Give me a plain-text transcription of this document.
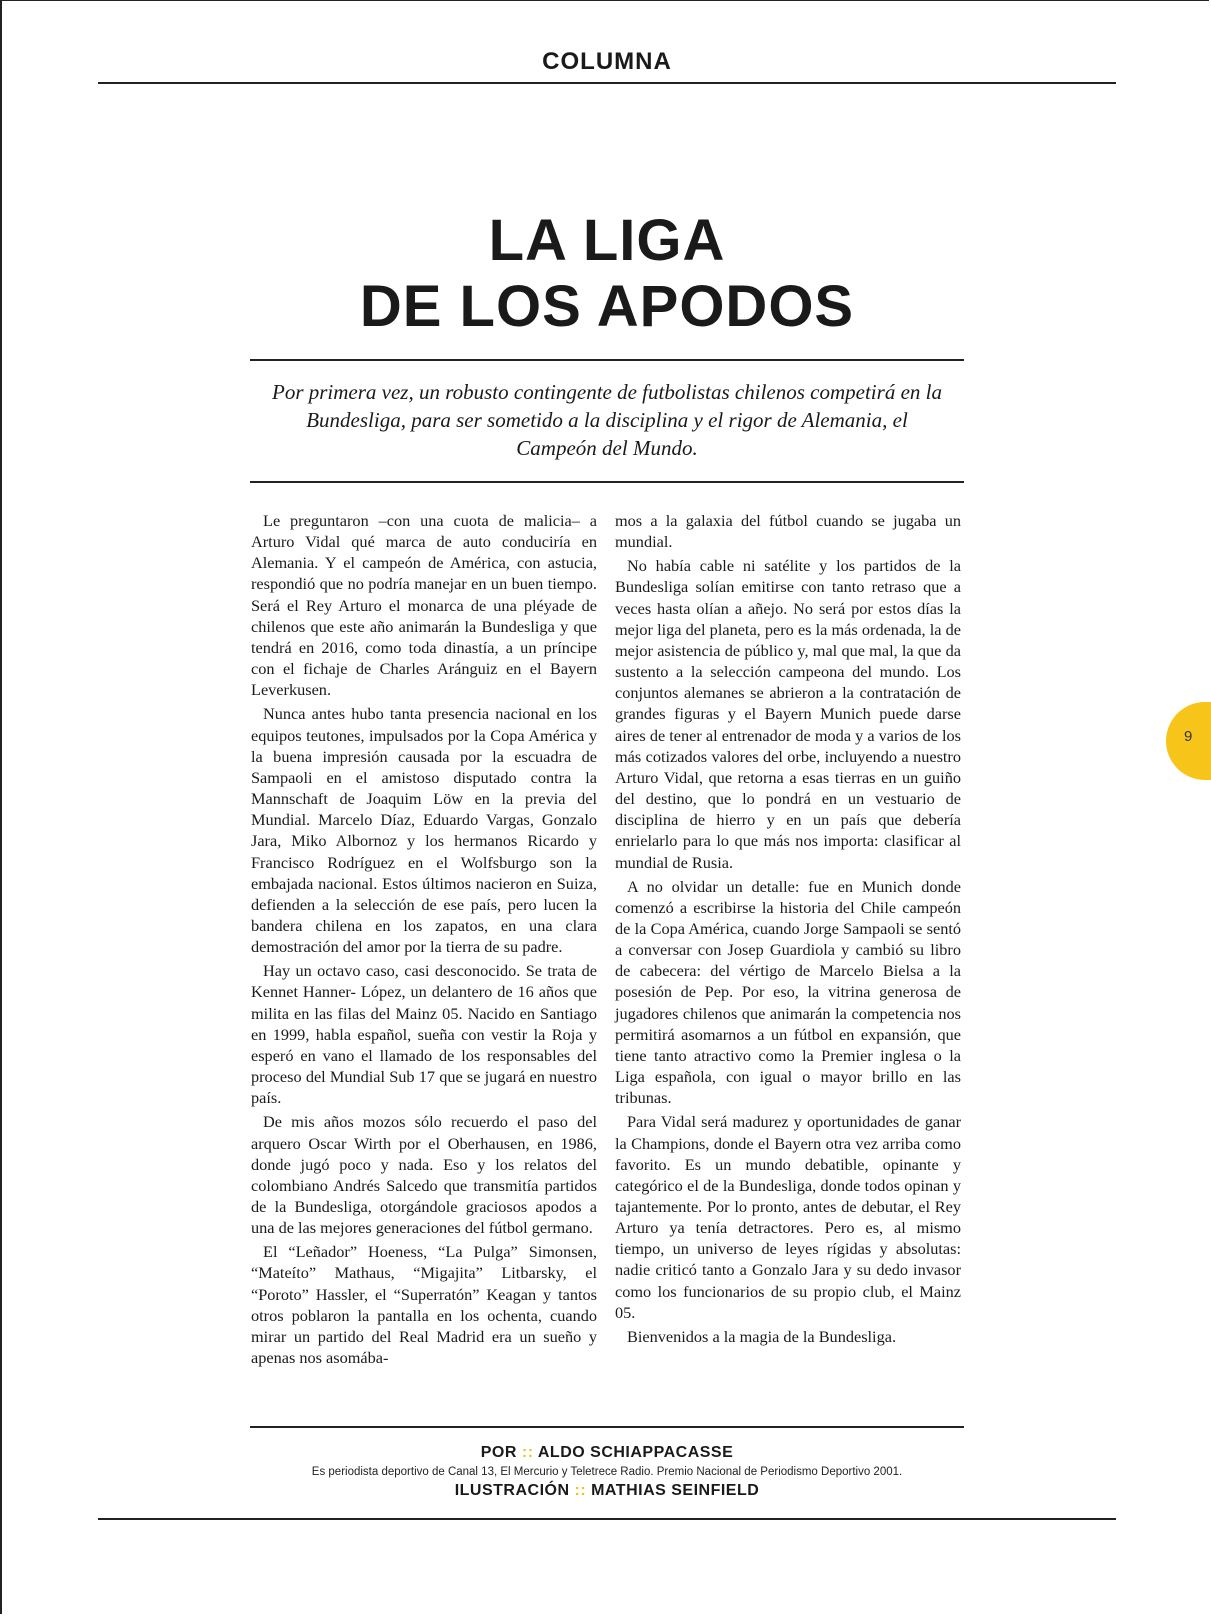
COLUMNA
LA LIGA
DE LOS APODOS

Por primera vez, un robusto contingente de futbolistas chilenos competirá en la Bundesliga, para ser sometido a la disciplina y el rigor de Alemania, el Campeón del Mundo.

Le preguntaron –con una cuota de malicia– a Arturo Vidal qué marca de auto conduciría en Alemania. Y el campeón de América, con astucia, respondió que no podría manejar en un buen tiempo. Será el Rey Arturo el monarca de una pléyade de chilenos que este año animarán la Bundesliga y que tendrá en 2016, como toda dinastía, a un príncipe con el fichaje de Charles Aránguiz en el Bayern Leverkusen.

Nunca antes hubo tanta presencia nacional en los equipos teutones, impulsados por la Copa América y la buena impresión causada por la escuadra de Sampaoli en el amistoso disputado contra la Mannschaft de Joaquim Löw en la previa del Mundial. Marcelo Díaz, Eduardo Vargas, Gonzalo Jara, Miko Albornoz y los hermanos Ricardo y Francisco Rodríguez en el Wolfsburgo son la embajada nacional. Estos últimos nacieron en Suiza, defienden a la selección de ese país, pero lucen la bandera chilena en los zapatos, en una clara demostración del amor por la tierra de su padre.

Hay un octavo caso, casi desconocido. Se trata de Kennet Hanner- López, un delantero de 16 años que milita en las filas del Mainz 05. Nacido en Santiago en 1999, habla español, sueña con vestir la Roja y esperó en vano el llamado de los responsables del proceso del Mundial Sub 17 que se jugará en nuestro país.

De mis años mozos sólo recuerdo el paso del arquero Oscar Wirth por el Oberhausen, en 1986, donde jugó poco y nada. Eso y los relatos del colombiano Andrés Salcedo que transmitía partidos de la Bundesliga, otorgándole graciosos apodos a una de las mejores generaciones del fútbol germano.

El “Leñador” Hoeness, “La Pulga” Simonsen, “Mateíto” Mathaus, “Migajita” Litbarsky, el “Poroto” Hassler, el “Superratón” Keagan y tantos otros poblaron la pantalla en los ochenta, cuando mirar un partido del Real Madrid era un sueño y apenas nos asomába-

mos a la galaxia del fútbol cuando se jugaba un mundial.

No había cable ni satélite y los partidos de la Bundesliga solían emitirse con tanto retraso que a veces hasta olían a añejo. No será por estos días la mejor liga del planeta, pero es la más ordenada, la de mejor asistencia de público y, mal que mal, la que da sustento a la selección campeona del mundo. Los conjuntos alemanes se abrieron a la contratación de grandes figuras y el Bayern Munich puede darse aires de tener al entrenador de moda y a varios de los más cotizados valores del orbe, incluyendo a nuestro Arturo Vidal, que retorna a esas tierras en un guiño del destino, que lo pondrá en un vestuario de disciplina de hierro y en un país que debería enrielarlo para lo que más nos importa: clasificar al mundial de Rusia.

A no olvidar un detalle: fue en Munich donde comenzó a escribirse la historia del Chile campeón de la Copa América, cuando Jorge Sampaoli se sentó a conversar con Josep Guardiola y cambió su libro de cabecera: del vértigo de Marcelo Bielsa a la posesión de Pep. Por eso, la vitrina generosa de jugadores chilenos que animarán la competencia nos permitirá asomarnos a un fútbol en expansión, que tiene tanto atractivo como la Premier inglesa o la Liga española, con igual o mayor brillo en las tribunas.

Para Vidal será madurez y oportunidades de ganar la Champions, donde el Bayern otra vez arriba como favorito. Es un mundo debatible, opinante y categórico el de la Bundesliga, donde todos opinan y tajantemente. Por lo pronto, antes de debutar, el Rey Arturo ya tenía detractores. Pero es, al mismo tiempo, un universo de leyes rígidas y absolutas: nadie criticó tanto a Gonzalo Jara y su dedo invasor como los funcionarios de su propio club, el Mainz 05.

Bienvenidos a la magia de la Bundesliga.

9
POR :: ALDO SCHIAPPACASSE
Es periodista deportivo de Canal 13, El Mercurio y Teletrece Radio. Premio Nacional de Periodismo Deportivo 2001.
ILUSTRACIÓN :: MATHIAS SEINFIELD
